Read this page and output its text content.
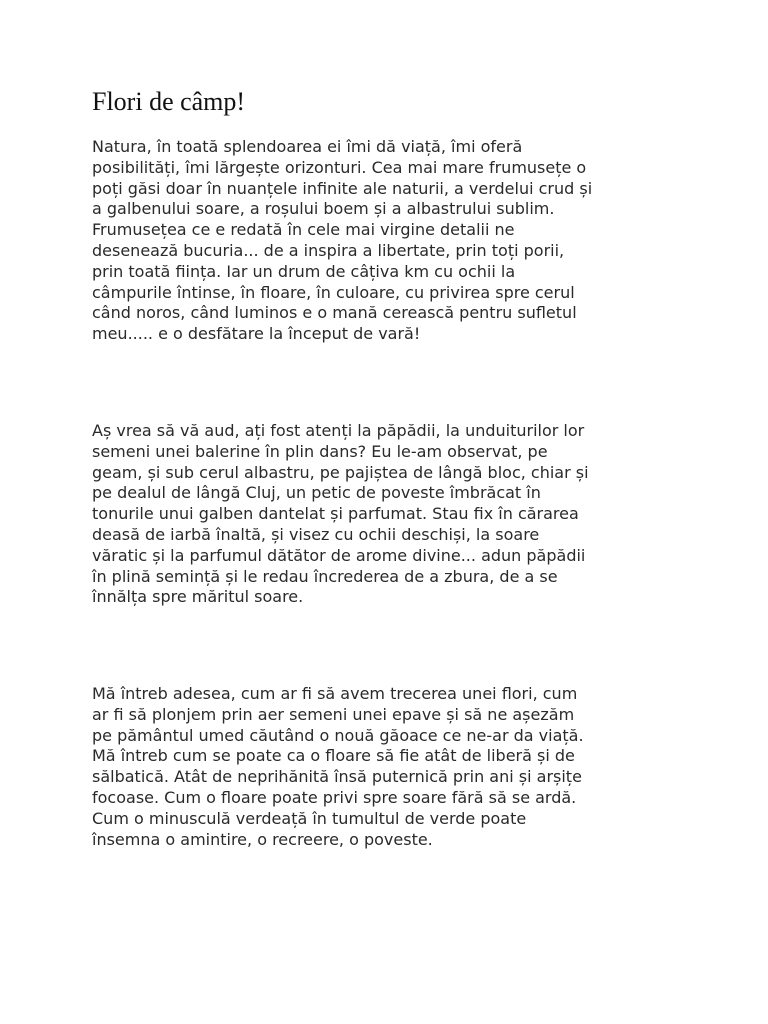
Flori de câmp!

Natura, în toată splendoarea ei îmi dă viață, îmi oferă
posibilități, îmi lărgește orizonturi. Cea mai mare frumusețe o
poți găsi doar în nuanțele infinite ale naturii, a verdelui crud și
a galbenului soare, a roșului boem și a albastrului sublim.
Frumusețea ce e redată în cele mai virgine detalii ne
desenează bucuria... de a inspira a libertate, prin toți porii,
prin toată ființa. Iar un drum de câțiva km cu ochii la
câmpurile întinse, în floare, în culoare, cu privirea spre cerul
când noros, când luminos e o mană cerească pentru sufletul
meu..... e o desfătare la început de vară!

Aș vrea să vă aud, ați fost atenți la păpădii, la unduiturilor lor
semeni unei balerine în plin dans? Eu le-am observat, pe
geam, și sub cerul albastru, pe pajiștea de lângă bloc, chiar și
pe dealul de lângă Cluj, un petic de poveste îmbrăcat în
tonurile unui galben dantelat și parfumat. Stau fix în cărarea
deasă de iarbă înaltă, și visez cu ochii deschiși, la soare
văratic și la parfumul dătător de arome divine... adun păpădii
în plină semință și le redau încrederea de a zbura, de a se
înnălța spre măritul soare.

Mă întreb adesea, cum ar fi să avem trecerea unei flori, cum
ar fi să plonjem prin aer semeni unei epave și să ne așezăm
pe pământul umed căutând o nouă găoace ce ne-ar da viață.
Mă întreb cum se poate ca o floare să fie atât de liberă și de
sălbatică. Atât de neprihănită însă puternică prin ani și arșițe
focoase. Cum o floare poate privi spre soare fără să se ardă.
Cum o minusculă verdeață în tumultul de verde poate
însemna o amintire, o recreere, o poveste.
